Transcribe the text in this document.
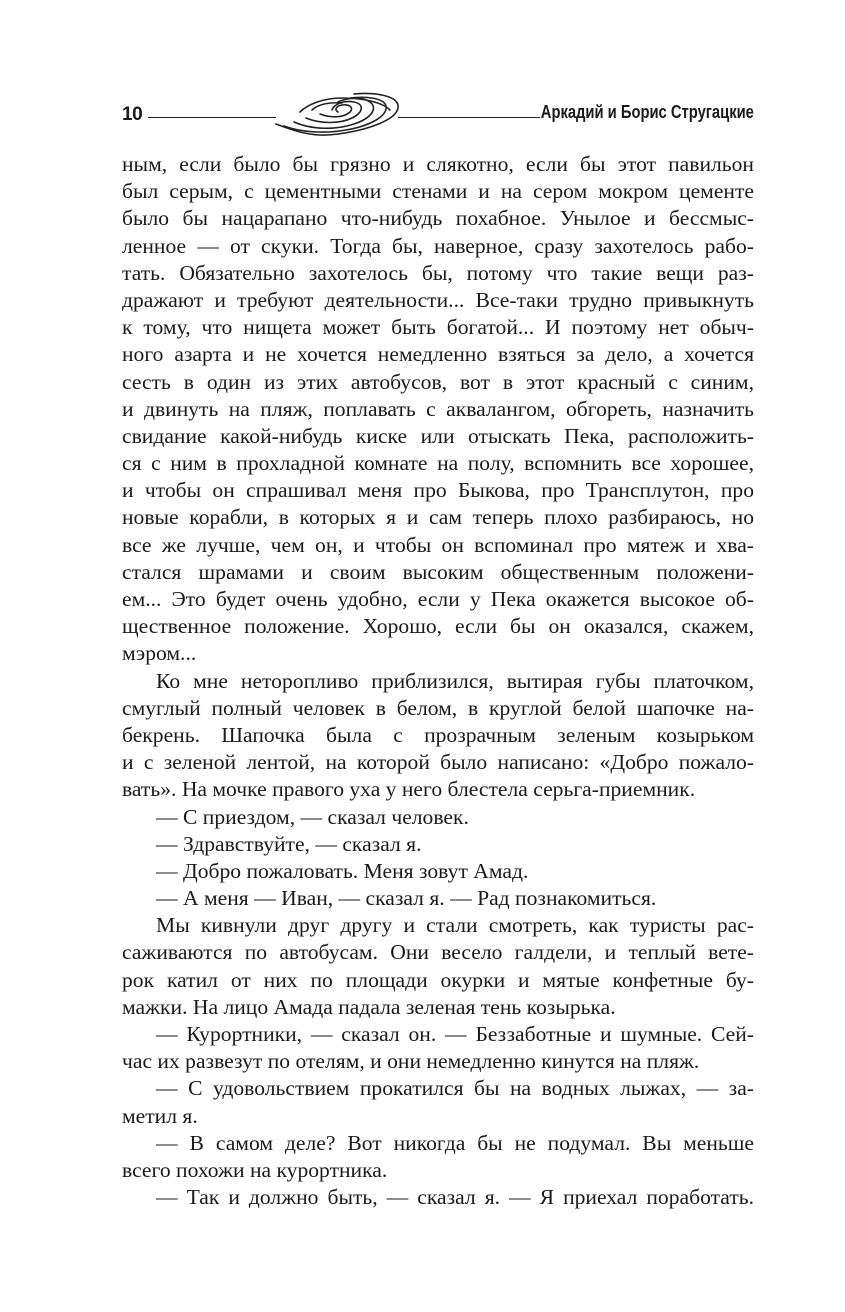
10	Аркадий и Борис Стругацкие
ным, если было бы грязно и слякотно, если бы этот павильон
был серым, с цементными стенами и на сером мокром цементе
было бы нацарапано что-нибудь похабное. Унылое и бессмыс-
ленное — от скуки. Тогда бы, наверное, сразу захотелось рабо-
тать. Обязательно захотелось бы, потому что такие вещи раз-
дражают и требуют деятельности... Все-таки трудно привыкнуть
к тому, что нищета может быть богатой... И поэтому нет обыч-
ного азарта и не хочется немедленно взяться за дело, а хочется
сесть в один из этих автобусов, вот в этот красный с синим,
и двинуть на пляж, поплавать с аквалангом, обгореть, назначить
свидание какой-нибудь киске или отыскать Пека, расположить-
ся с ним в прохладной комнате на полу, вспомнить все хорошее,
и чтобы он спрашивал меня про Быкова, про Трансплутон, про
новые корабли, в которых я и сам теперь плохо разбираюсь, но
все же лучше, чем он, и чтобы он вспоминал про мятеж и хва-
стался шрамами и своим высоким общественным положени-
ем... Это будет очень удобно, если у Пека окажется высокое об-
щественное положение. Хорошо, если бы он оказался, скажем,
мэром...
Ко мне неторопливо приблизился, вытирая губы платочком,
смуглый полный человек в белом, в круглой белой шапочке на-
бекрень. Шапочка была с прозрачным зеленым козырьком
и с зеленой лентой, на которой было написано: «Добро пожало-
вать». На мочке правого уха у него блестела серьга-приемник.
— С приездом, — сказал человек.
— Здравствуйте, — сказал я.
— Добро пожаловать. Меня зовут Амад.
— А меня — Иван, — сказал я. — Рад познакомиться.
Мы кивнули друг другу и стали смотреть, как туристы рас-
саживаются по автобусам. Они весело галдели, и теплый вете-
рок катил от них по площади окурки и мятые конфетные бу-
мажки. На лицо Амада падала зеленая тень козырька.
— Курортники, — сказал он. — Беззаботные и шумные. Сей-
час их развезут по отелям, и они немедленно кинутся на пляж.
— С удовольствием прокатился бы на водных лыжах, — за-
метил я.
— В самом деле? Вот никогда бы не подумал. Вы меньше
всего похожи на курортника.
— Так и должно быть, — сказал я. — Я приехал поработать.
